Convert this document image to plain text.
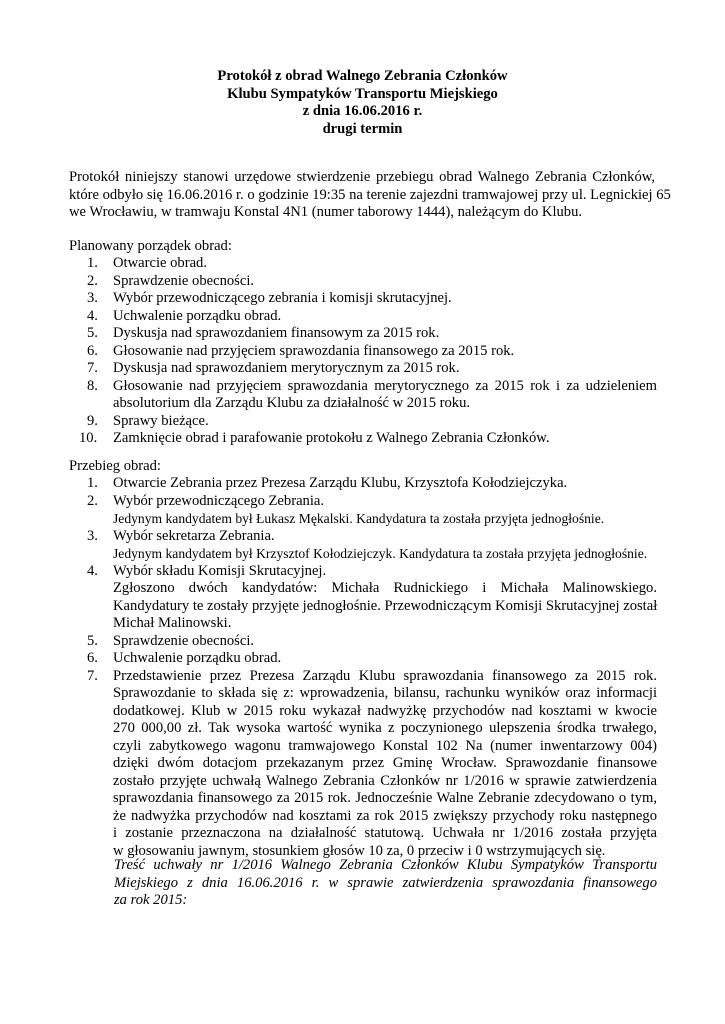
Protokół z obrad Walnego Zebrania Członków
Klubu Sympatyków Transportu Miejskiego
z dnia 16.06.2016 r.
drugi termin
Protokół niniejszy stanowi urzędowe stwierdzenie przebiegu obrad Walnego Zebrania Członków,
które odbyło się 16.06.2016 r. o godzinie 19:35 na terenie zajezdni tramwajowej przy ul. Legnickiej 65
we Wrocławiu, w tramwaju Konstal 4N1 (numer taborowy 1444), należącym do Klubu.
Planowany porządek obrad:
1.	Otwarcie obrad.
2.	Sprawdzenie obecności.
3.	Wybór przewodniczącego zebrania i komisji skrutacyjnej.
4.	Uchwalenie porządku obrad.
5.	Dyskusja nad sprawozdaniem finansowym za 2015 rok.
6.	Głosowanie nad przyjęciem sprawozdania finansowego za 2015 rok.
7.	Dyskusja nad sprawozdaniem merytorycznym za 2015 rok.
8.	Głosowanie nad przyjęciem sprawozdania merytorycznego za 2015 rok i za udzieleniem
absolutorium dla Zarządu Klubu za działalność w 2015 roku.
9.	Sprawy bieżące.
10.	Zamknięcie obrad i parafowanie protokołu z Walnego Zebrania Członków.
Przebieg obrad:
1.	Otwarcie Zebrania przez Prezesa Zarządu Klubu, Krzysztofa Kołodziejczyka.
2.	Wybór przewodniczącego Zebrania.
Jedynym kandydatem był Łukasz Mękalski. Kandydatura ta została przyjęta jednogłośnie.
3.	Wybór sekretarza Zebrania.
Jedynym kandydatem był Krzysztof Kołodziejczyk. Kandydatura ta została przyjęta jednogłośnie.
4.	Wybór składu Komisji Skrutacyjnej.
Zgłoszono dwóch kandydatów: Michała Rudnickiego i Michała Malinowskiego.
Kandydatury te zostały przyjęte jednogłośnie. Przewodniczącym Komisji Skrutacyjnej został
Michał Malinowski.
5.	Sprawdzenie obecności.
6.	Uchwalenie porządku obrad.
7.	Przedstawienie przez Prezesa Zarządu Klubu sprawozdania finansowego za 2015 rok.
Sprawozdanie to składa się z: wprowadzenia, bilansu, rachunku wyników oraz informacji
dodatkowej. Klub w 2015 roku wykazał nadwyżkę przychodów nad kosztami w kwocie
270 000,00 zł. Tak wysoka wartość wynika z poczynionego ulepszenia środka trwałego,
czyli zabytkowego wagonu tramwajowego Konstal 102 Na (numer inwentarzowy 004)
dzięki dwóm dotacjom przekazanym przez Gminę Wrocław. Sprawozdanie finansowe
zostało przyjęte uchwałą Walnego Zebrania Członków nr 1/2016 w sprawie zatwierdzenia
sprawozdania finansowego za 2015 rok. Jednocześnie Walne Zebranie zdecydowano o tym,
że nadwyżka przychodów nad kosztami za rok 2015 zwiększy przychody roku następnego
i zostanie przeznaczona na działalność statutową. Uchwała nr 1/2016 została przyjęta
w głosowaniu jawnym, stosunkiem głosów 10 za, 0 przeciw i 0 wstrzymujących się.
Treść uchwały nr 1/2016 Walnego Zebrania Członków Klubu Sympatyków Transportu
Miejskiego z dnia 16.06.2016 r. w sprawie zatwierdzenia sprawozdania finansowego
za rok 2015:
